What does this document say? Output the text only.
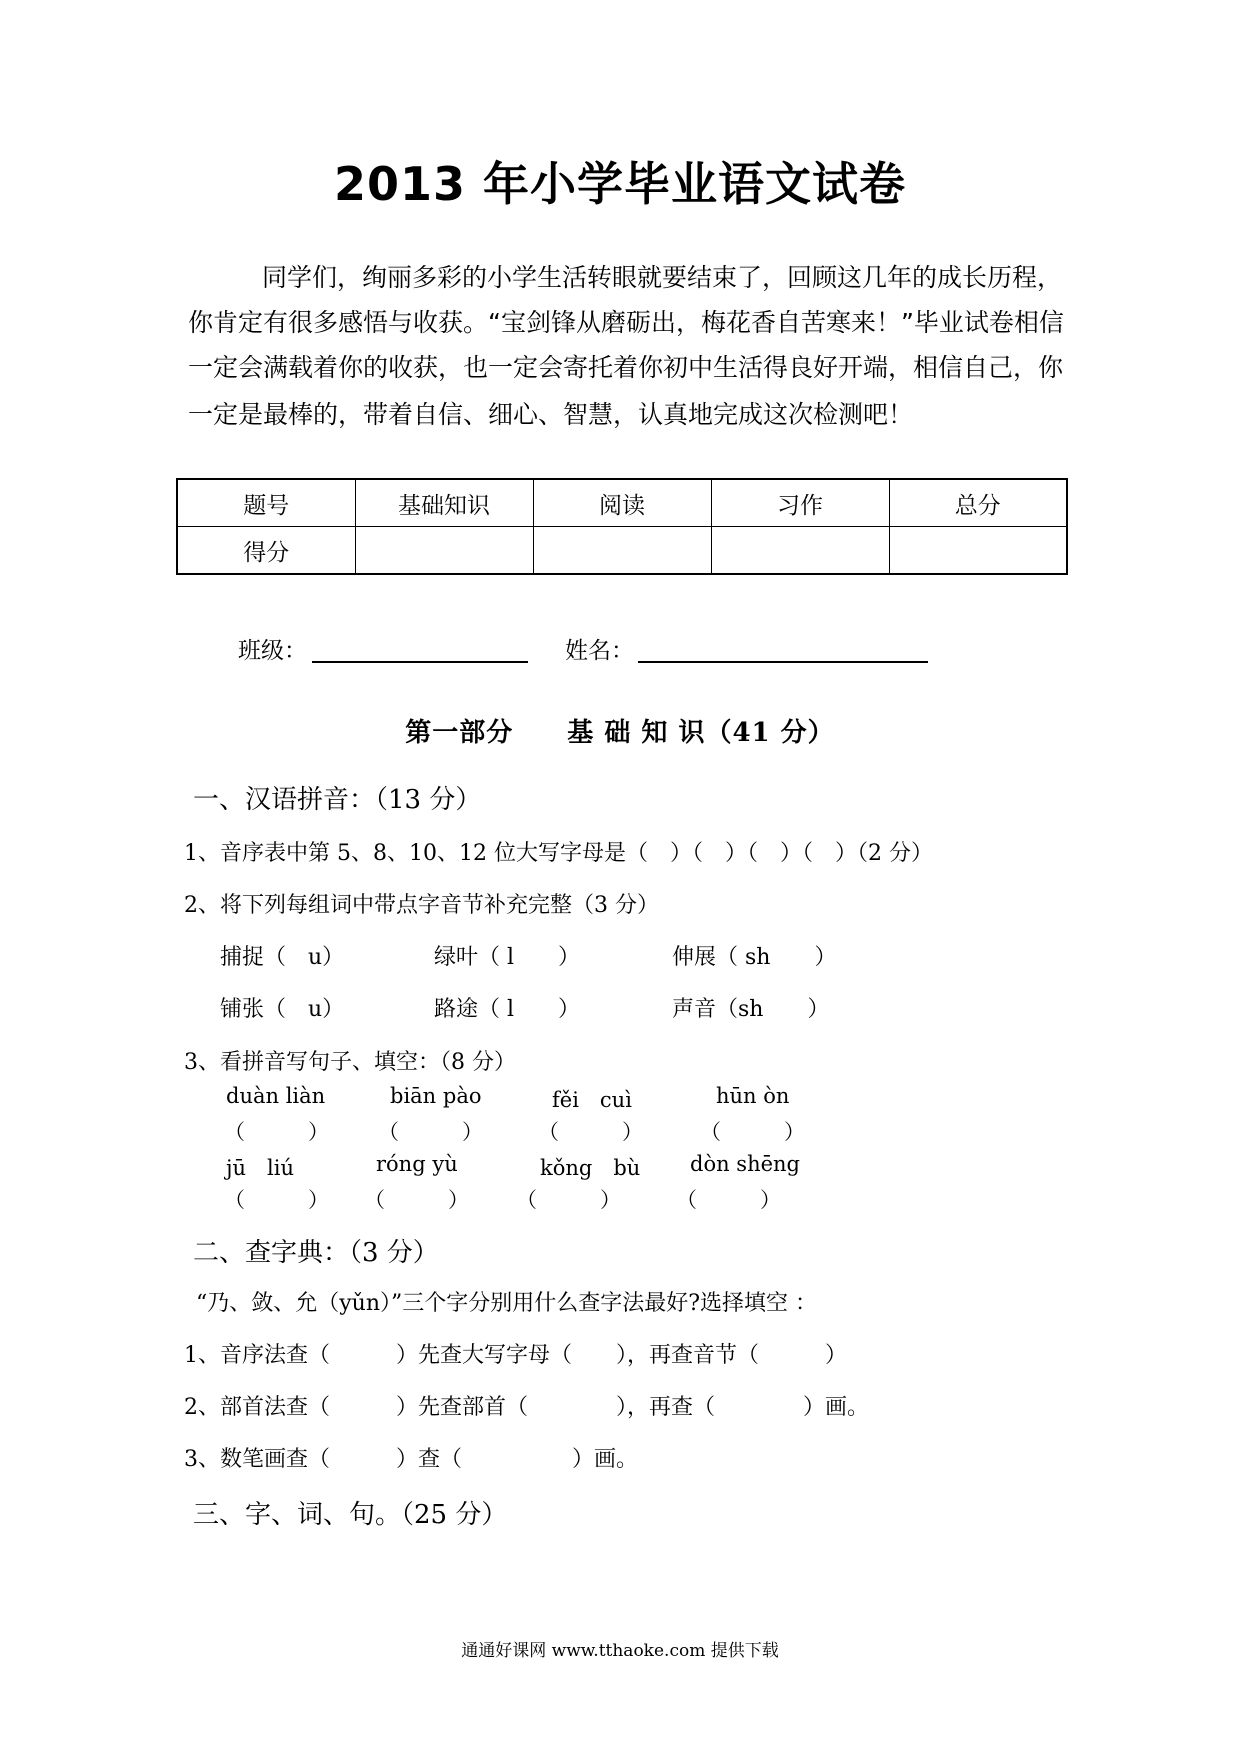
2013 年小学毕业语文试卷
同学们，绚丽多彩的小学生活转眼就要结束了，回顾这几年的成长历程，
你肯定有很多感悟与收获。“宝剑锋从磨砺出，梅花香自苦寒来！”毕业试卷相信
一定会满载着你的收获，也一定会寄托着你初中生活得良好开端，相信自己，你
一定是最棒的，带着自信、细心、智慧，认真地完成这次检测吧！
题号	基础知识	阅读	习作	总分
得分				
班级：	姓名：
第一部分　　基 础 知 识（41 分）
一、汉语拼音：（13 分）
1、音序表中第 5、8、10、12 位大写字母是（　）（　）（　）（　）（2 分）
2、将下列每组词中带点字音节补充完整（3 分）
捕捉（　u）	绿叶（ l　　）	伸展（ sh　　）
铺张（　u）	路途（ l　　）	声音（sh　　）
3、看拼音写句子、填空：（8 分）
duàn liàn	biān pào	fěi　cuì	hūn òn
（　　　） （　　　）	（　　　）	（　　　）
jū　liú	róng yù	kǒng　bù dòn shēng
（　　　） （　　　） （　　　）	（　　　）
二、查字典：（3 分）
“乃、敛、允（yǔn）”三个字分别用什么查字法最好?选择填空 ：
1、音序法查（　　　）先查大写字母（　　），再查音节（　　　）
2、部首法查（　　　）先查部首（　　　　），再查（　　　　）画。
3、数笔画查（　　　）查（　　　　　）画。
三、字、词、句。（25 分）
通通好课网 www.tthaoke.com 提供下载
